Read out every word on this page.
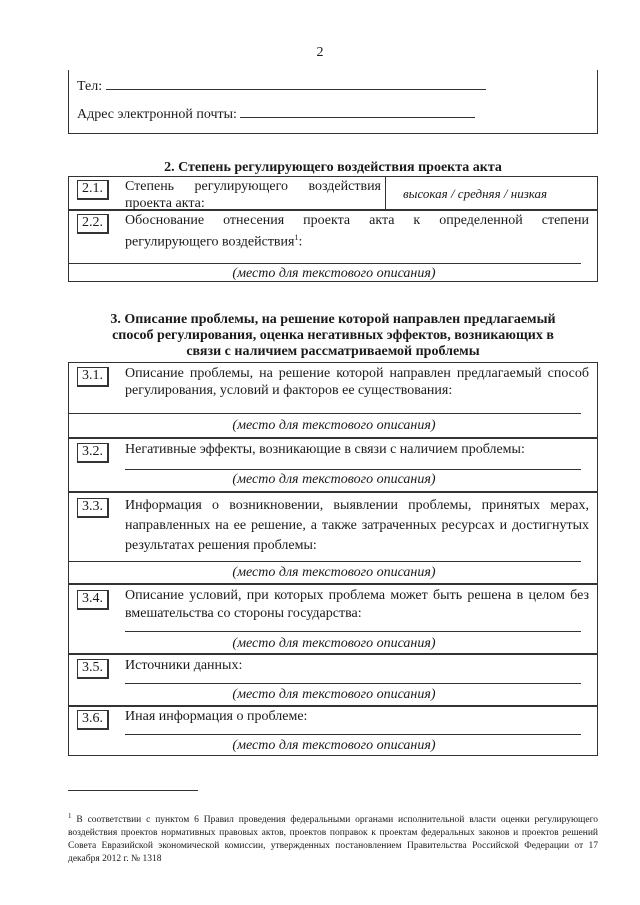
2
Тел:
Адрес электронной почты:
2. Степень регулирующего воздействия проекта акта
2.1.	Степень регулирующего воздействия проекта акта:
высокая / средняя / низкая
2.2.	Обоснование отнесения проекта акта к определенной степени регулирующего воздействия$^1$:
(место для текстового описания)
3. Описание проблемы, на решение которой направлен предлагаемый
способ регулирования, оценка негативных эффектов, возникающих в
связи с наличием рассматриваемой проблемы
3.1.	Описание проблемы, на решение которой направлен предлагаемый способ регулирования, условий и факторов ее существования:
(место для текстового описания)
3.2.	Негативные эффекты, возникающие в связи с наличием проблемы:
(место для текстового описания)
3.3.	Информация о возникновении, выявлении проблемы, принятых мерах, направленных на ее решение, а также затраченных ресурсах и достигнутых результатах решения проблемы:
(место для текстового описания)
3.4.	Описание условий, при которых проблема может быть решена в целом без вмешательства со стороны государства:
(место для текстового описания)
3.5.	Источники данных:
(место для текстового описания)
3.6.	Иная информация о проблеме:
(место для текстового описания)
$^1$ В соответствии с пунктом 6 Правил проведения федеральными органами исполнительной власти оценки регулирующего воздействия проектов нормативных правовых актов, проектов поправок к проектам федеральных законов и проектов решений Совета Евразийской экономической комиссии, утвержденных постановлением Правительства Российской Федерации от 17 декабря 2012 г. № 1318
